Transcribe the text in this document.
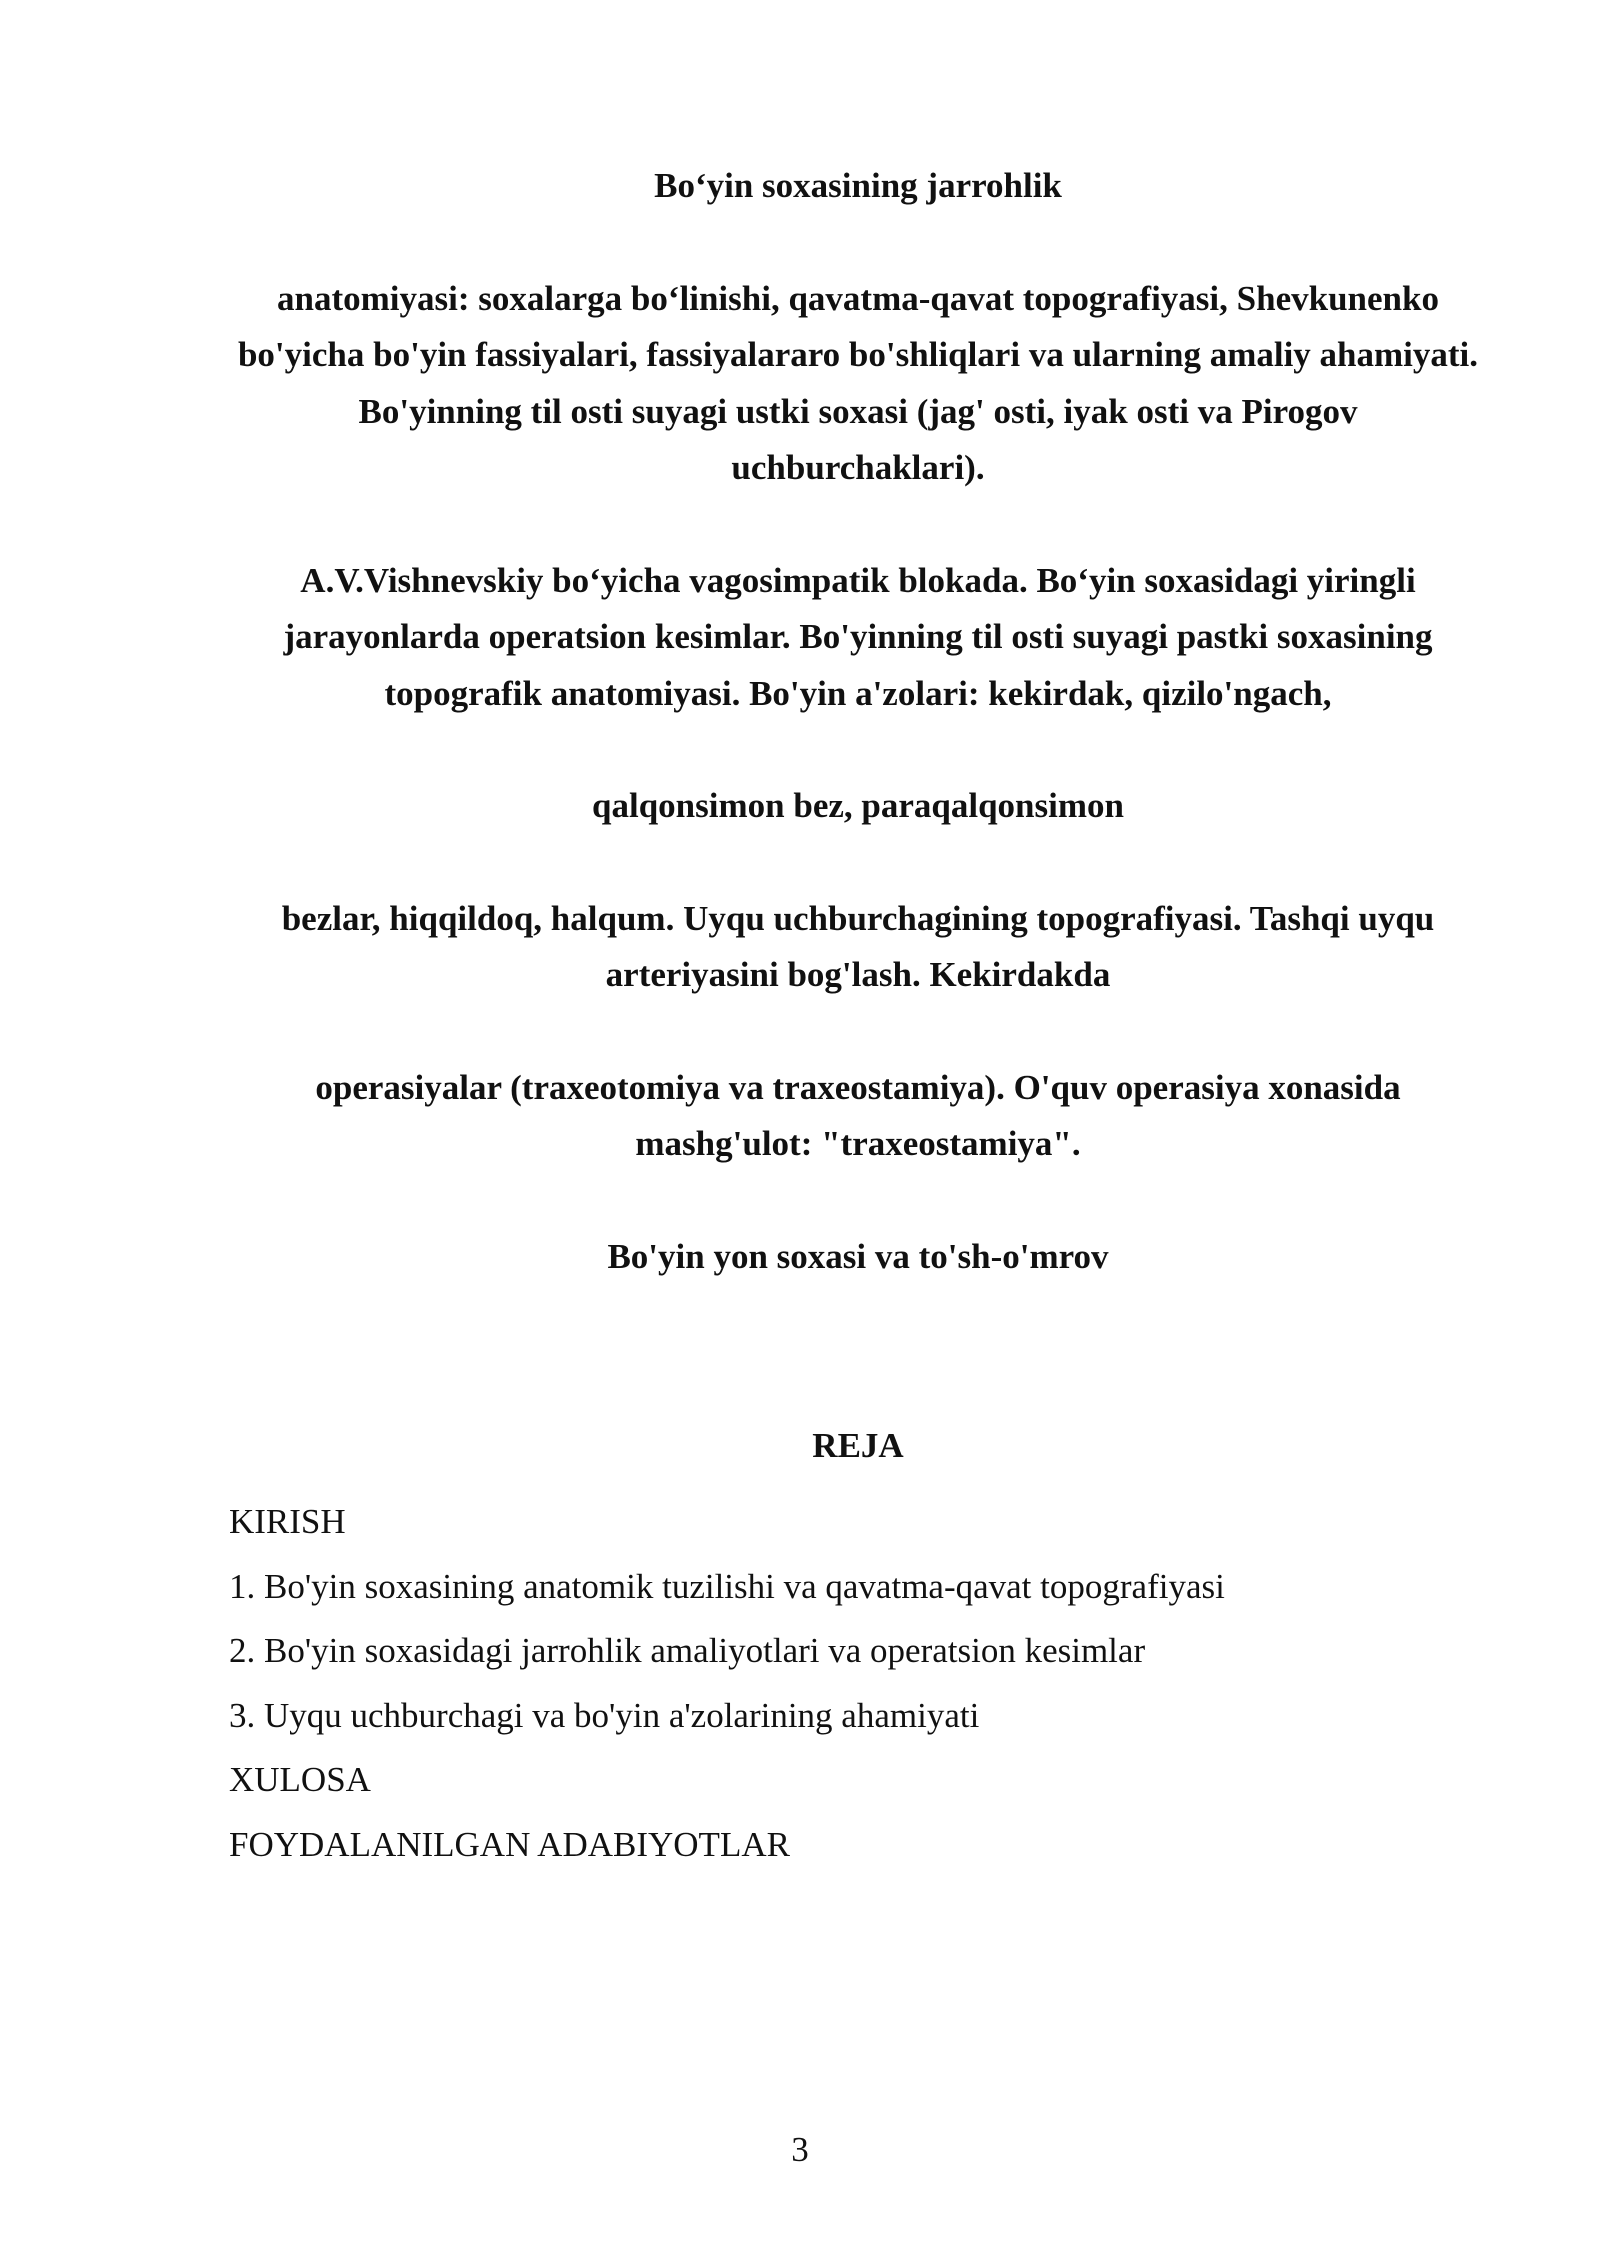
Bo‘yin soxasining jarrohlik

anatomiyasi: soxalarga bo‘linishi, qavatma-qavat topografiyasi, Shevkunenko bo'yicha bo'yin fassiyalari, fassiyalararo bo'shliqlari va ularning amaliy ahamiyati. Bo'yinning til osti suyagi ustki soxasi (jag' osti, iyak osti va Pirogov uchburchaklari).

A.V.Vishnevskiy bo‘yicha vagosimpatik blokada. Bo‘yin soxasidagi yiringli jarayonlarda operatsion kesimlar. Bo'yinning til osti suyagi pastki soxasining topografik anatomiyasi. Bo'yin a'zolari: kekirdak, qizilo'ngach,

qalqonsimon bez, paraqalqonsimon

bezlar, hiqqildoq, halqum. Uyqu uchburchagining topografiyasi. Tashqi uyqu arteriyasini bog'lash. Kekirdakda

operasiyalar (traxeotomiya va traxeostamiya). O'quv operasiya xonasida mashg'ulot: "traxeostamiya".

Bo'yin yon soxasi va to'sh-o'mrov

REJA
KIRISH
1. Bo'yin soxasining anatomik tuzilishi va qavatma-qavat topografiyasi
2. Bo'yin soxasidagi jarrohlik amaliyotlari va operatsion kesimlar
3. Uyqu uchburchagi va bo'yin a'zolarining ahamiyati
XULOSA
FOYDALANILGAN ADABIYOTLAR
3
